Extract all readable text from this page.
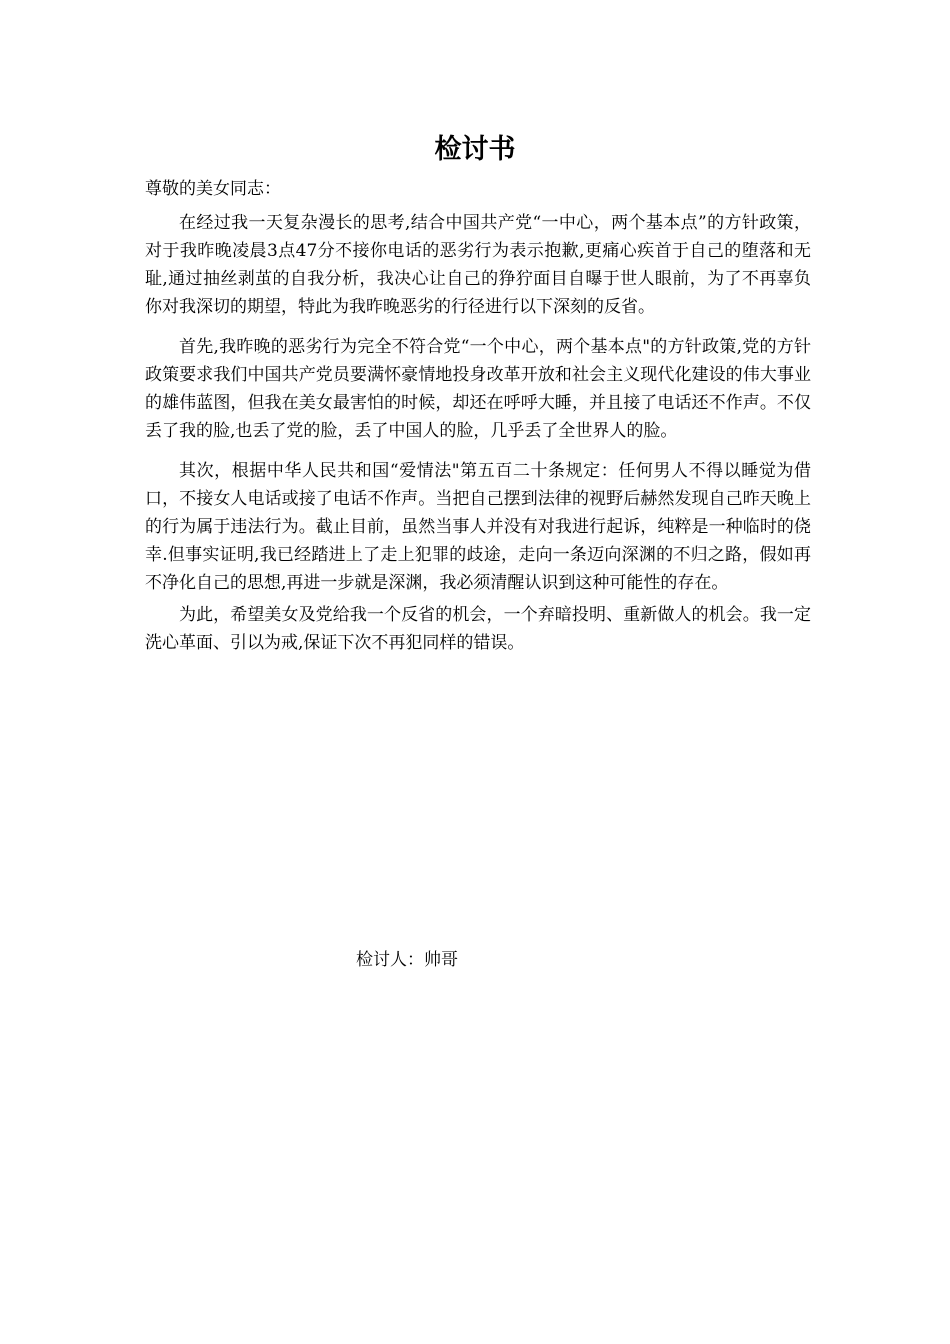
检讨书

尊敬的美女同志：

在经过我一天复杂漫长的思考,结合中国共产党“一中心，两个基本点”的方针政策，对于我昨晚凌晨3点47分不接你电话的恶劣行为表示抱歉,更痛心疾首于自己的堕落和无耻,通过抽丝剥茧的自我分析，我决心让自己的狰狞面目自曝于世人眼前，为了不再辜负你对我深切的期望，特此为我昨晚恶劣的行径进行以下深刻的反省。

首先,我昨晚的恶劣行为完全不符合党“一个中心，两个基本点"的方针政策,党的方针政策要求我们中国共产党员要满怀豪情地投身改革开放和社会主义现代化建设的伟大事业的雄伟蓝图，但我在美女最害怕的时候，却还在呼呼大睡，并且接了电话还不作声。不仅丢了我的脸,也丢了党的脸，丢了中国人的脸，几乎丢了全世界人的脸。

其次，根据中华人民共和国“爱情法"第五百二十条规定：任何男人不得以睡觉为借口，不接女人电话或接了电话不作声。当把自己摆到法律的视野后赫然发现自己昨天晚上的行为属于违法行为。截止目前，虽然当事人并没有对我进行起诉，纯粹是一种临时的侥幸.但事实证明,我已经踏进上了走上犯罪的歧途，走向一条迈向深渊的不归之路，假如再不净化自己的思想,再进一步就是深渊，我必须清醒认识到这种可能性的存在。

为此，希望美女及党给我一个反省的机会，一个弃暗投明、重新做人的机会。我一定洗心革面、引以为戒,保证下次不再犯同样的错误。

检讨人：帅哥
